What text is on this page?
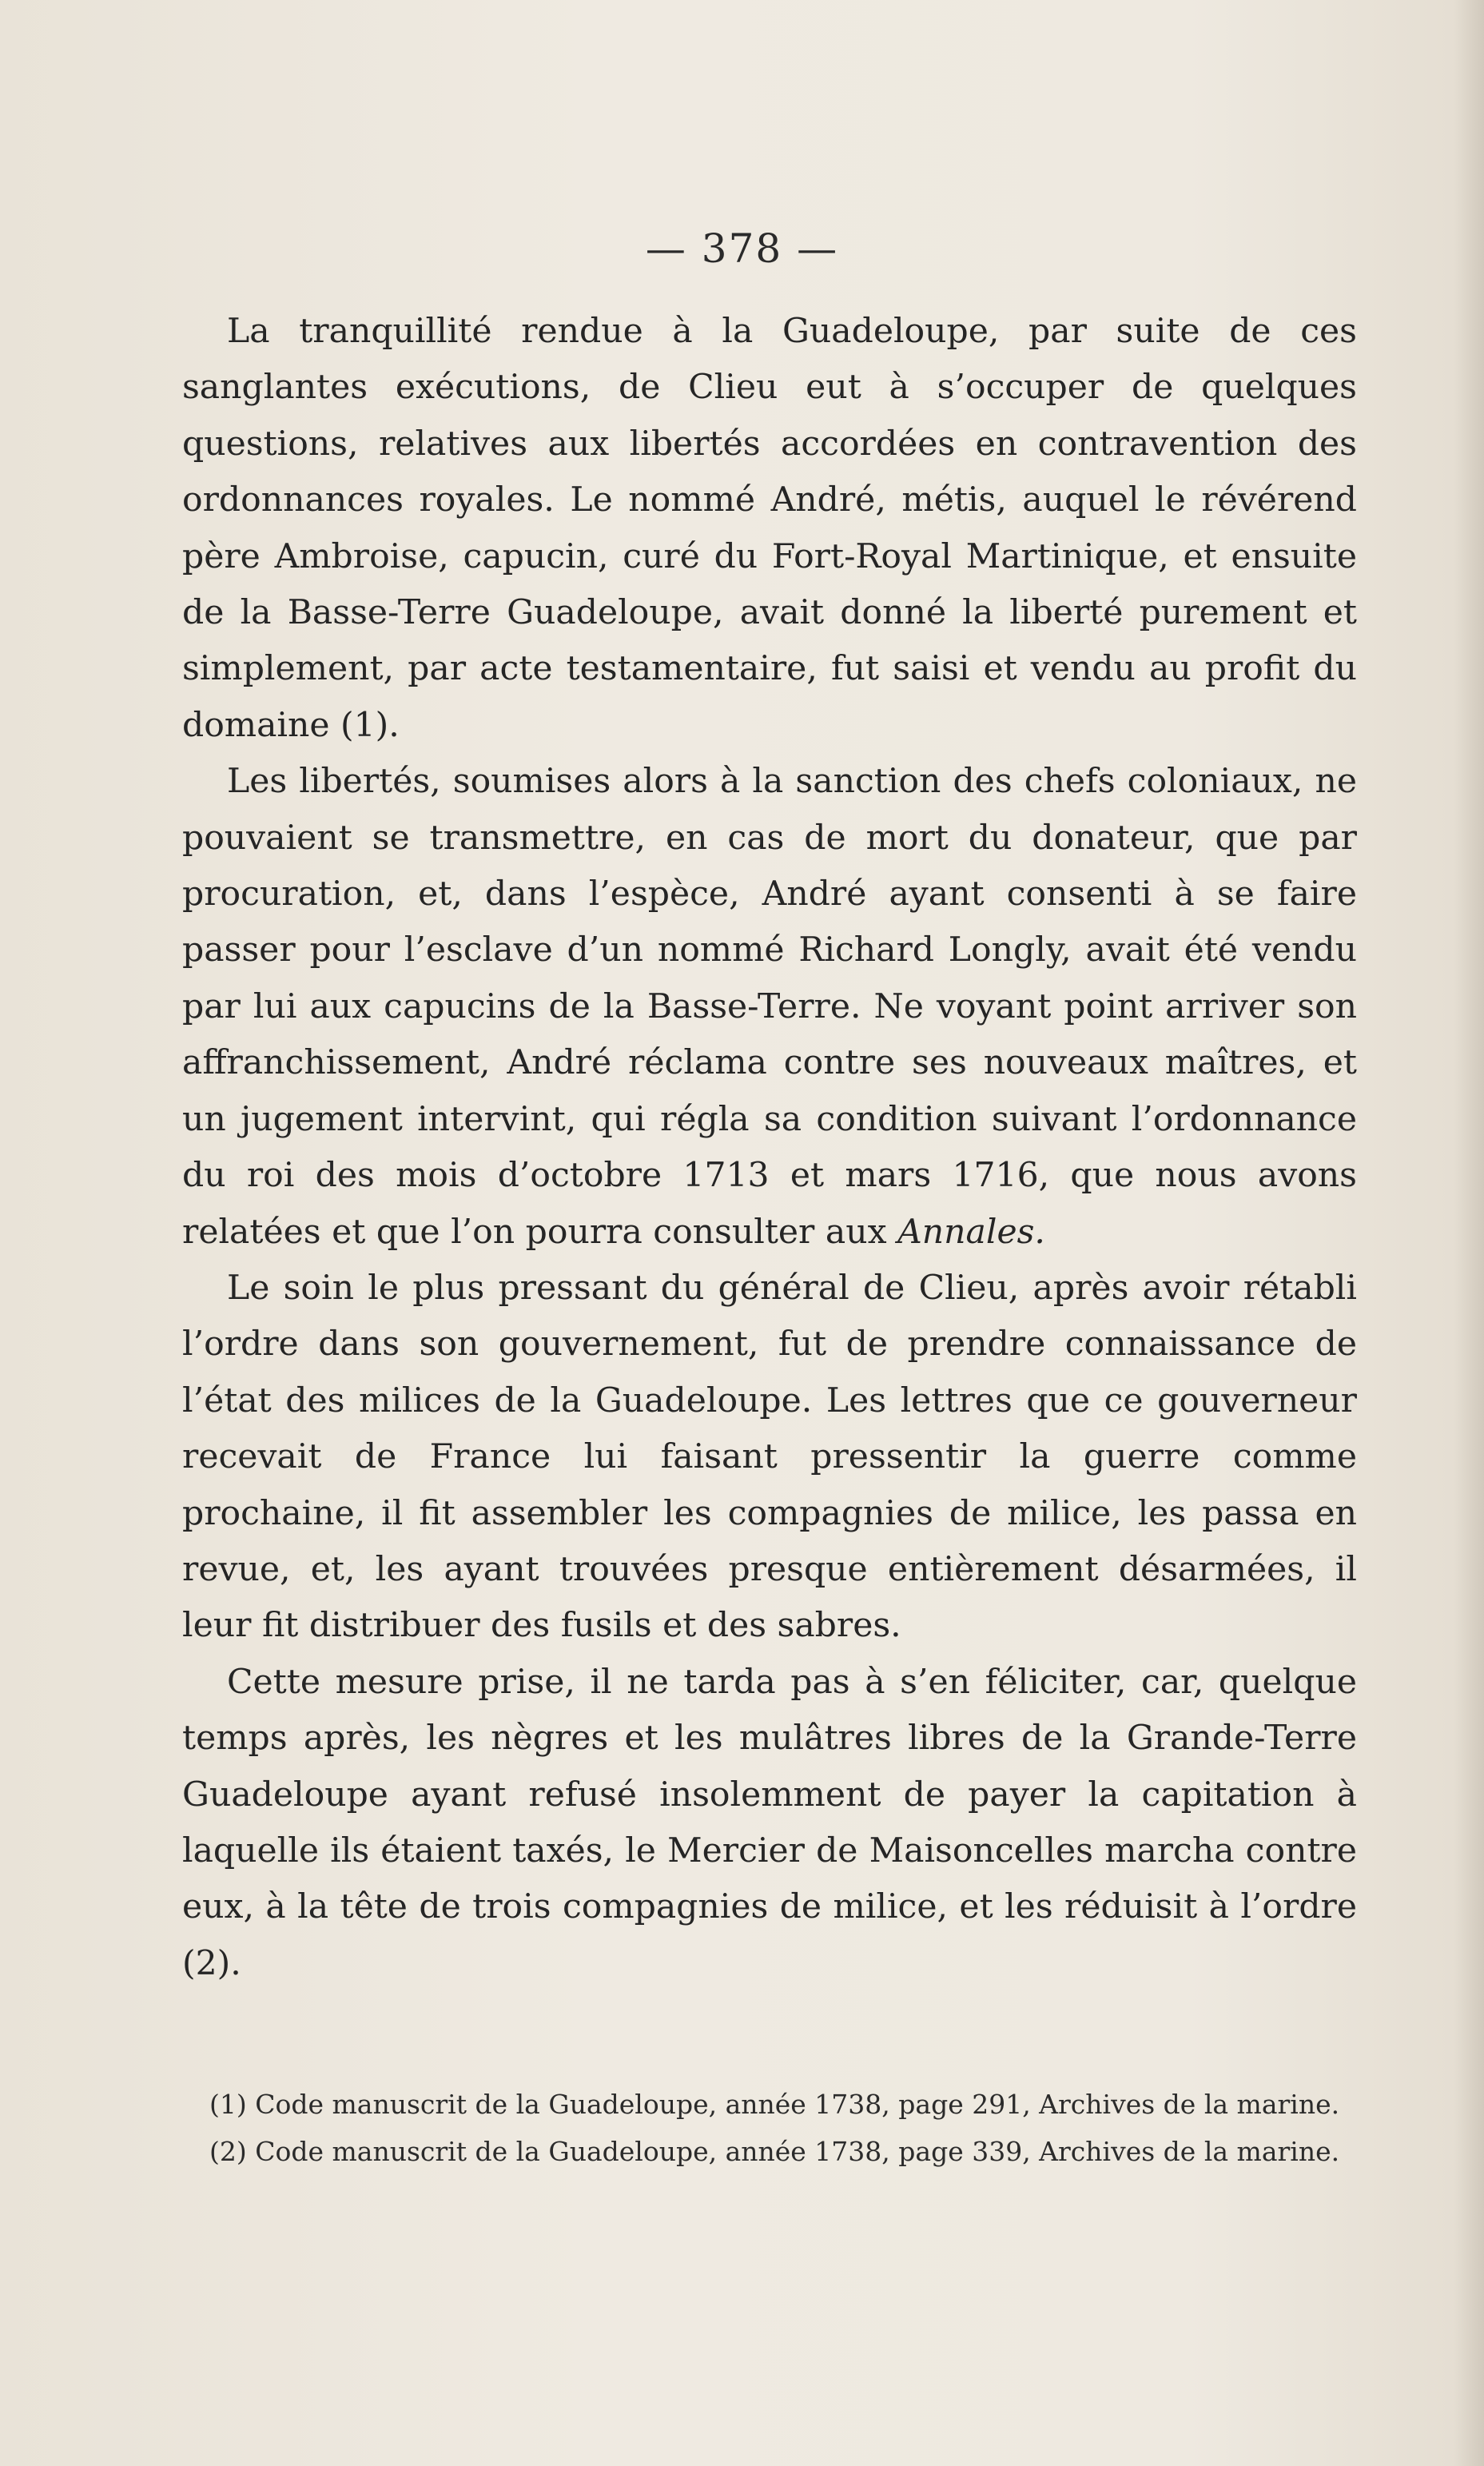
— 378 —

La tranquillité rendue à la Guadeloupe, par suite de ces sanglantes exécutions, de Clieu eut à s’occuper de quelques questions, relatives aux libertés accordées en contravention des ordonnances royales. Le nommé André, métis, auquel le révérend père Ambroise, capucin, curé du Fort-Royal Martinique, et ensuite de la Basse-Terre Guadeloupe, avait donné la liberté purement et simplement, par acte testamentaire, fut saisi et vendu au profit du domaine (1).

Les libertés, soumises alors à la sanction des chefs coloniaux, ne pouvaient se transmettre, en cas de mort du donateur, que par procuration, et, dans l’espèce, André ayant consenti à se faire passer pour l’esclave d’un nommé Richard Longly, avait été vendu par lui aux capucins de la Basse-Terre. Ne voyant point arriver son affranchissement, André réclama contre ses nouveaux maîtres, et un jugement intervint, qui régla sa condition suivant l’ordonnance du roi des mois d’octobre 1713 et mars 1716, que nous avons relatées et que l’on pourra consulter aux Annales.

Le soin le plus pressant du général de Clieu, après avoir rétabli l’ordre dans son gouvernement, fut de prendre connaissance de l’état des milices de la Guadeloupe. Les lettres que ce gouverneur recevait de France lui faisant pressentir la guerre comme prochaine, il fit assembler les compagnies de milice, les passa en revue, et, les ayant trouvées presque entièrement désarmées, il leur fit distribuer des fusils et des sabres.

Cette mesure prise, il ne tarda pas à s’en féliciter, car, quelque temps après, les nègres et les mulâtres libres de la Grande-Terre Guadeloupe ayant refusé insolemment de payer la capitation à laquelle ils étaient taxés, le Mercier de Maisoncelles marcha contre eux, à la tête de trois compagnies de milice, et les réduisit à l’ordre (2).

(1) Code manuscrit de la Guadeloupe, année 1738, page 291, Archives de la marine.

(2) Code manuscrit de la Guadeloupe, année 1738, page 339, Archives de la marine.
